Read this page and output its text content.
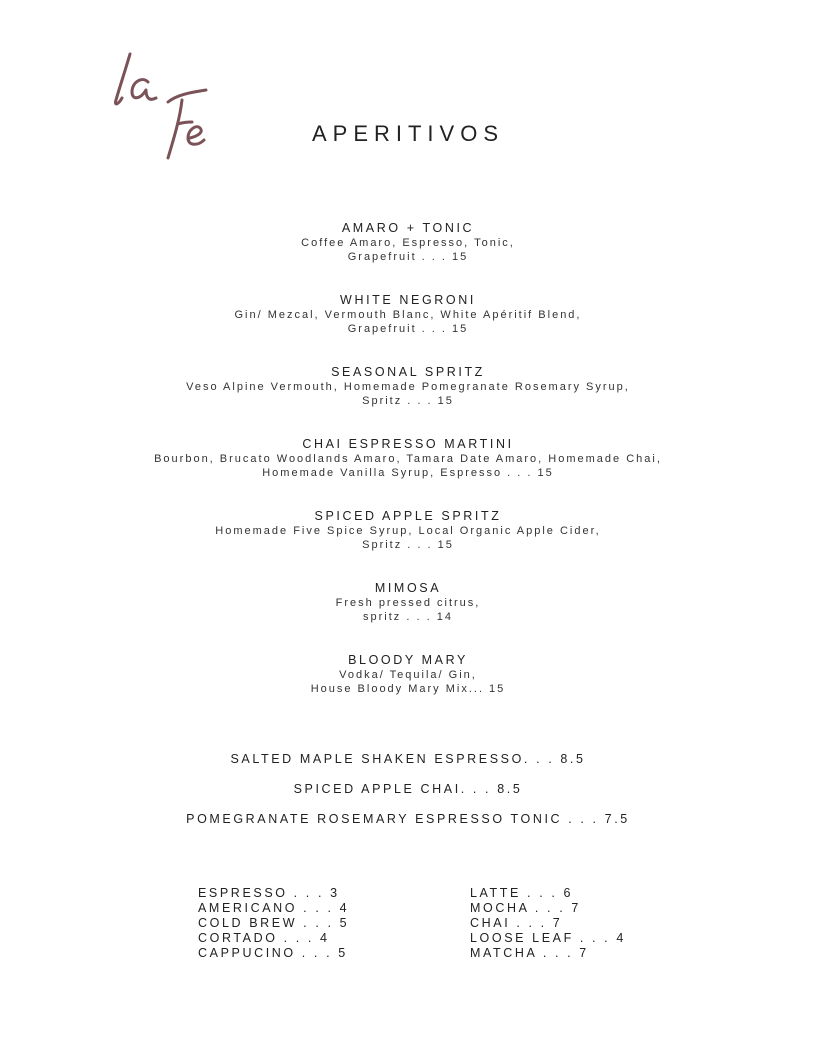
APERITIVOS
AMARO + TONIC
Coffee Amaro, Espresso, Tonic,
Grapefruit . . . 15
WHITE NEGRONI
Gin/ Mezcal, Vermouth Blanc, White Apéritif Blend,
Grapefruit . . . 15
SEASONAL SPRITZ
Veso Alpine Vermouth, Homemade Pomegranate Rosemary Syrup,
Spritz . . . 15
CHAI ESPRESSO MARTINI
Bourbon, Brucato Woodlands Amaro, Tamara Date Amaro, Homemade Chai,
Homemade Vanilla Syrup, Espresso . . . 15
SPICED APPLE SPRITZ
Homemade Five Spice Syrup, Local Organic Apple Cider,
Spritz . . . 15
MIMOSA
Fresh pressed citrus,
spritz . . . 14
BLOODY MARY
Vodka/ Tequila/ Gin,
House Bloody Mary Mix... 15
SALTED MAPLE SHAKEN ESPRESSO. . . 8.5
SPICED APPLE CHAI. . . 8.5
POMEGRANATE ROSEMARY ESPRESSO TONIC . . . 7.5
ESPRESSO . . . 3
AMERICANO . . . 4
COLD BREW . . . 5
CORTADO . . . 4
CAPPUCINO . . . 5
LATTE . . . 6
MOCHA . . . 7
CHAI . . . 7
LOOSE LEAF . . . 4
MATCHA . . . 7
